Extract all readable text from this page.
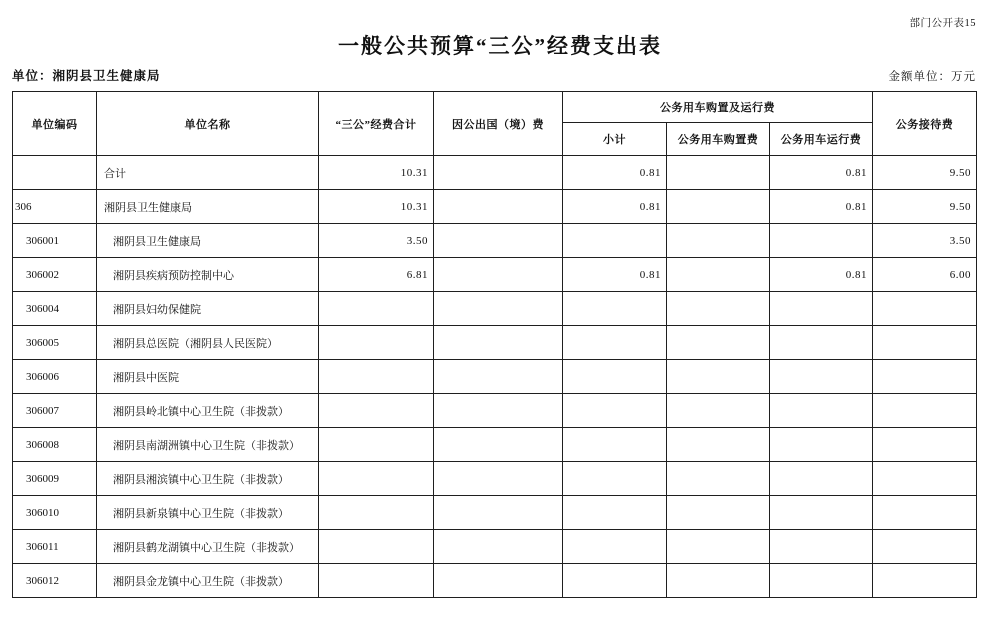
部门公开表15
一般公共预算“三公”经费支出表
单位：湘阴县卫生健康局	金额单位：万元
单位编码	单位名称	“三公”经费合计	因公出国（境）费	公务用车购置及运行费			公务接待费
				小计	公务用车购置费	公务用车运行费	
	合计	10.31		0.81		0.81	9.50
306	湘阴县卫生健康局	10.31		0.81		0.81	9.50
306001	湘阴县卫生健康局	3.50					3.50
306002	湘阴县疾病预防控制中心	6.81		0.81		0.81	6.00
306004	湘阴县妇幼保健院						
306005	湘阴县总医院（湘阴县人民医院）						
306006	湘阴县中医院						
306007	湘阴县岭北镇中心卫生院（非拨款）						
306008	湘阴县南湖洲镇中心卫生院（非拨款）						
306009	湘阴县湘滨镇中心卫生院（非拨款）						
306010	湘阴县新泉镇中心卫生院（非拨款）						
306011	湘阴县鹤龙湖镇中心卫生院（非拨款）						
306012	湘阴县金龙镇中心卫生院（非拨款）						
